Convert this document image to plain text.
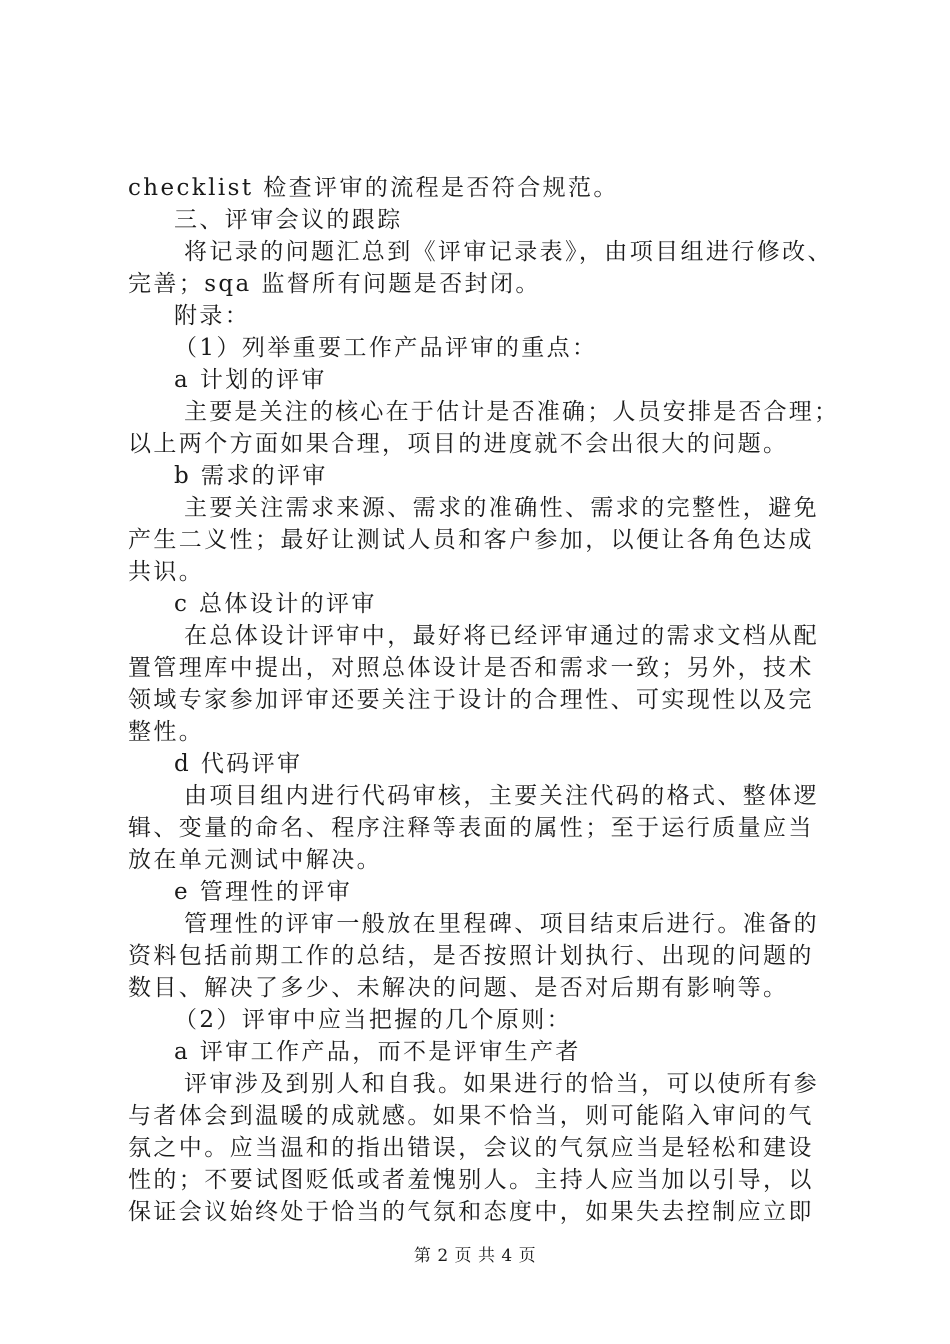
checklist 检查评审的流程是否符合规范。
三、评审会议的跟踪
将记录的问题汇总到《评审记录表》，由项目组进行修改、
完善；sqa 监督所有问题是否封闭。
附录：
（1）列举重要工作产品评审的重点：
a 计划的评审
主要是关注的核心在于估计是否准确；人员安排是否合理；
以上两个方面如果合理，项目的进度就不会出很大的问题。
b 需求的评审
主要关注需求来源、需求的准确性、需求的完整性，避免
产生二义性；最好让测试人员和客户参加，以便让各角色达成
共识。
c 总体设计的评审
在总体设计评审中，最好将已经评审通过的需求文档从配
置管理库中提出，对照总体设计是否和需求一致；另外，技术
领域专家参加评审还要关注于设计的合理性、可实现性以及完
整性。
d 代码评审
由项目组内进行代码审核，主要关注代码的格式、整体逻
辑、变量的命名、程序注释等表面的属性；至于运行质量应当
放在单元测试中解决。
e 管理性的评审
管理性的评审一般放在里程碑、项目结束后进行。准备的
资料包括前期工作的总结，是否按照计划执行、出现的问题的
数目、解决了多少、未解决的问题、是否对后期有影响等。
（2）评审中应当把握的几个原则：
a 评审工作产品，而不是评审生产者
评审涉及到别人和自我。如果进行的恰当，可以使所有参
与者体会到温暖的成就感。如果不恰当，则可能陷入审问的气
氛之中。应当温和的指出错误，会议的气氛应当是轻松和建设
性的；不要试图贬低或者羞愧别人。主持人应当加以引导，以
保证会议始终处于恰当的气氛和态度中，如果失去控制应立即
第 2 页 共 4 页
